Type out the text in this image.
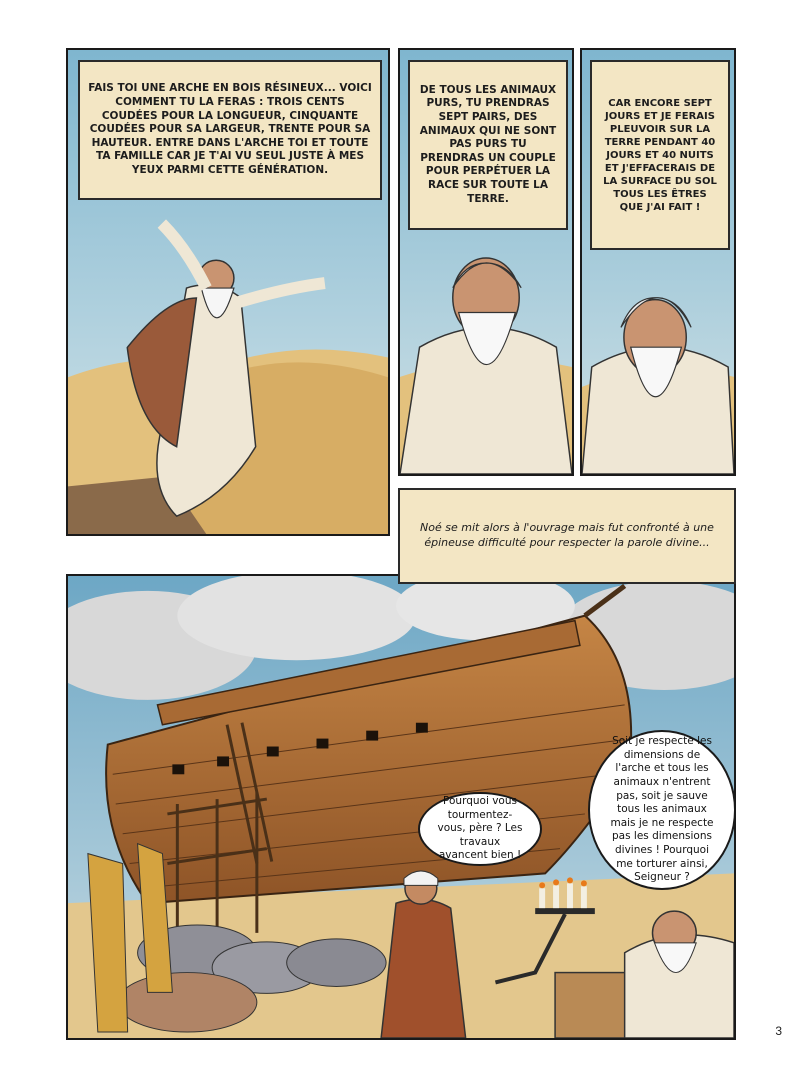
FAIS TOI UNE ARCHE EN BOIS RÉSINEUX... VOICI COMMENT TU LA FERAS : TROIS CENTS COUDÉES POUR LA LONGUEUR, CINQUANTE COUDÉES POUR SA LARGEUR, TRENTE POUR SA HAUTEUR. ENTRE DANS L'ARCHE TOI ET TOUTE TA FAMILLE CAR JE T'AI VU SEUL JUSTE À MES YEUX PARMI CETTE GÉNÉRATION.
DE TOUS LES ANIMAUX PURS, TU PRENDRAS SEPT PAIRS, DES ANIMAUX QUI NE SONT PAS PURS TU PRENDRAS UN COUPLE POUR PERPÉTUER LA RACE SUR TOUTE LA TERRE.
CAR ENCORE SEPT JOURS ET JE FERAIS PLEUVOIR SUR LA TERRE PENDANT 40 JOURS ET 40 NUITS ET J'EFFACERAIS DE LA SURFACE DU SOL TOUS LES ÊTRES QUE J'AI FAIT !
Noé se mit alors à l'ouvrage mais fut confronté à une épineuse difficulté pour respecter la parole divine...
Pourquoi vous tourmentez-vous, père ? Les travaux avancent bien !
Soit je respecte les dimensions de l'arche et tous les animaux n'entrent pas, soit je sauve tous les animaux mais je ne respecte pas les dimensions divines ! Pourquoi me torturer ainsi, Seigneur ?
3
